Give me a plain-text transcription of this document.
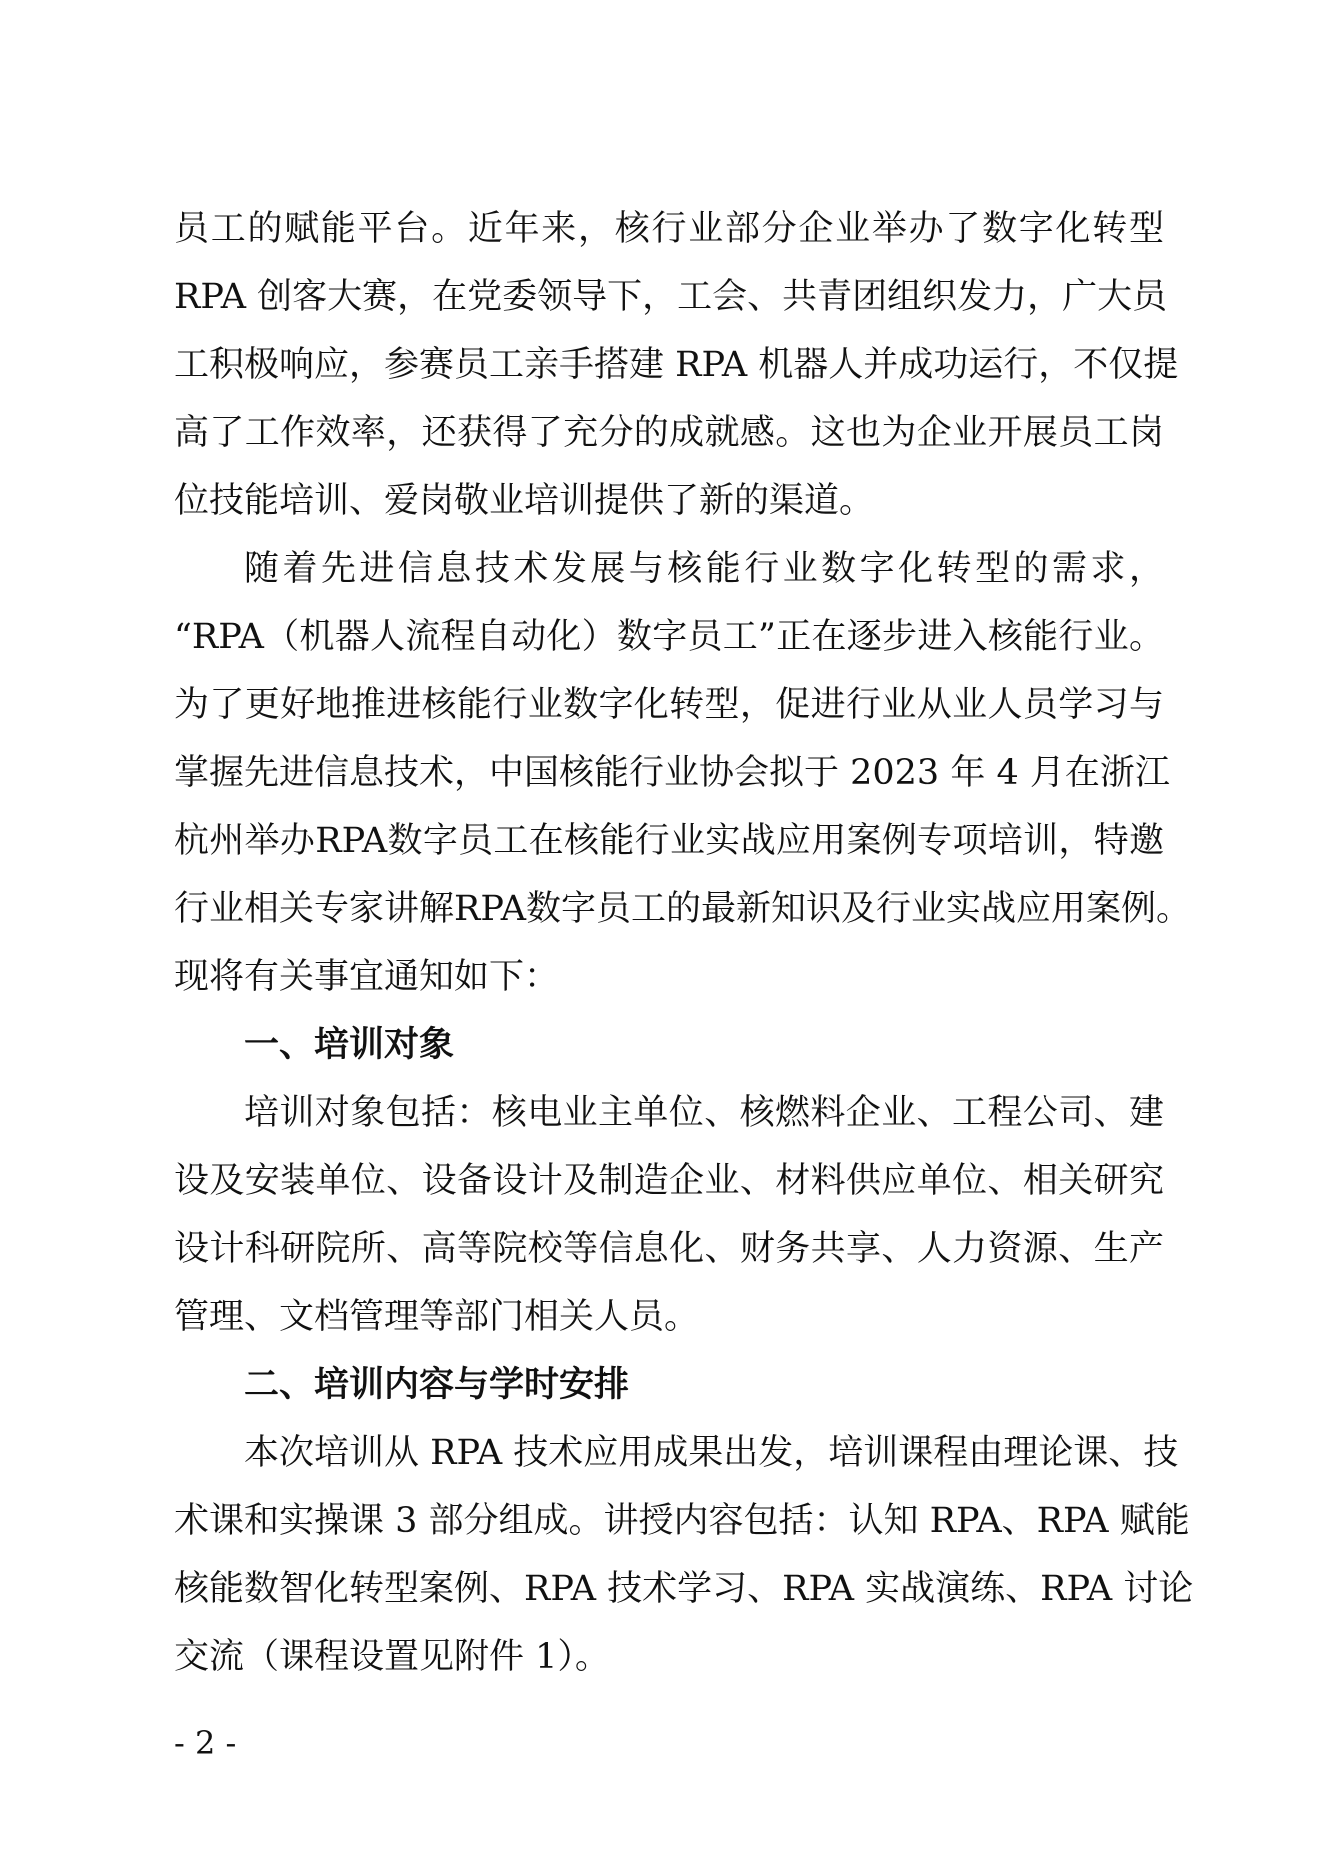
员工的赋能平台。近年来，核行业部分企业举办了数字化转型
RPA 创客大赛，在党委领导下，工会、共青团组织发力，广大员
工积极响应，参赛员工亲手搭建 RPA 机器人并成功运行，不仅提
高了工作效率，还获得了充分的成就感。这也为企业开展员工岗
位技能培训、爱岗敬业培训提供了新的渠道。
随着先进信息技术发展与核能行业数字化转型的需求，
“RPA（机器人流程自动化）数字员工”正在逐步进入核能行业。
为了更好地推进核能行业数字化转型，促进行业从业人员学习与
掌握先进信息技术，中国核能行业协会拟于 2023 年 4 月在浙江
杭州举办RPA数字员工在核能行业实战应用案例专项培训，特邀
行业相关专家讲解RPA数字员工的最新知识及行业实战应用案例。
现将有关事宜通知如下：
一、培训对象
培训对象包括：核电业主单位、核燃料企业、工程公司、建
设及安装单位、设备设计及制造企业、材料供应单位、相关研究
设计科研院所、高等院校等信息化、财务共享、人力资源、生产
管理、文档管理等部门相关人员。
二、培训内容与学时安排
本次培训从 RPA 技术应用成果出发，培训课程由理论课、技
术课和实操课 3 部分组成。讲授内容包括：认知 RPA、RPA 赋能
核能数智化转型案例、RPA 技术学习、RPA 实战演练、RPA 讨论
交流（课程设置见附件 1）。
- 2 -
